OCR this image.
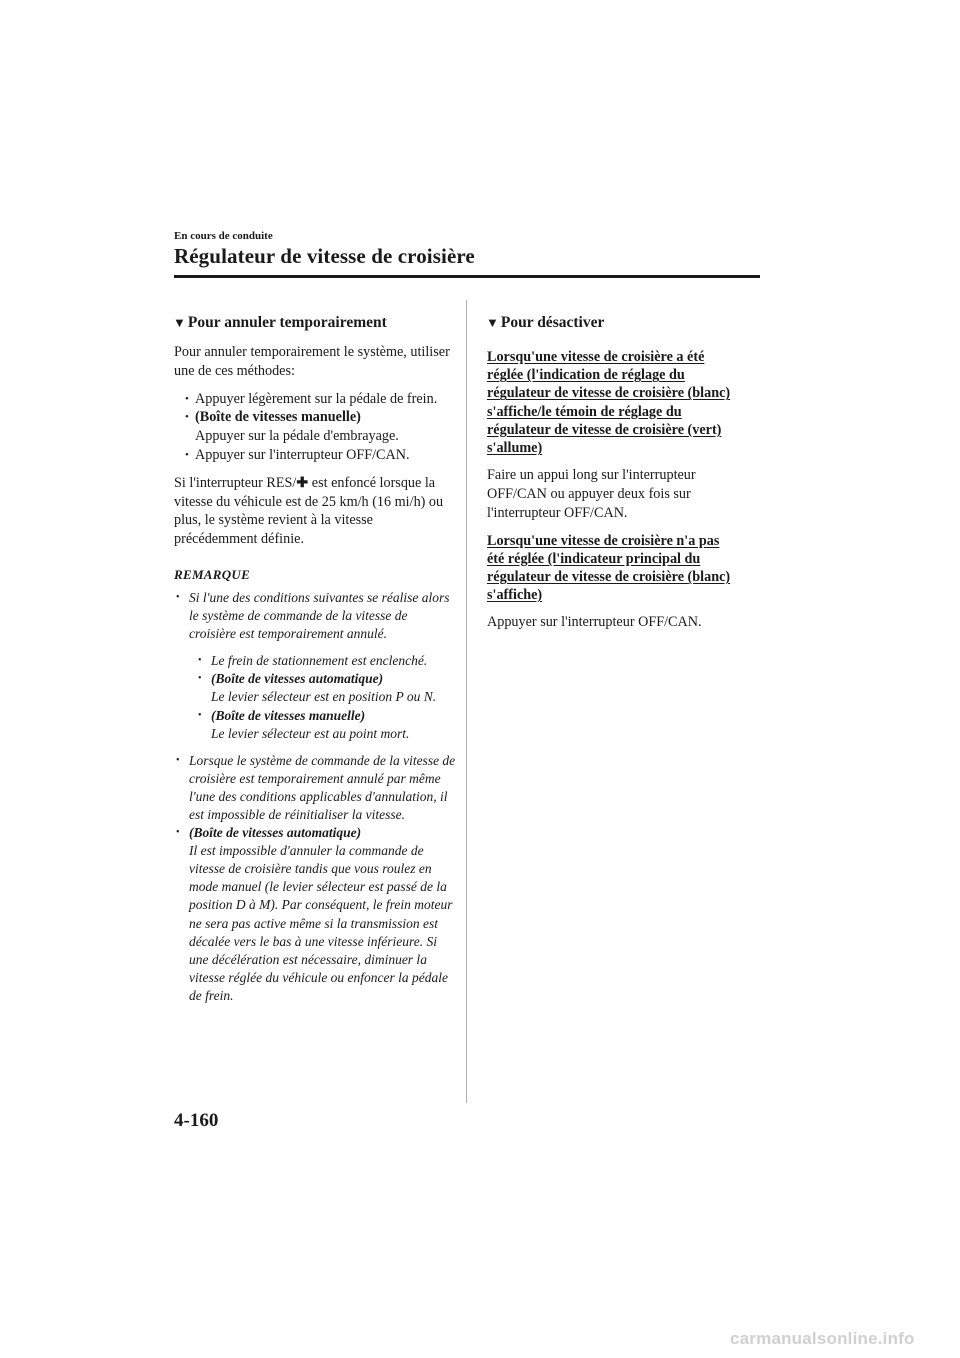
En cours de conduite
Régulateur de vitesse de croisière
▼ Pour annuler temporairement

Pour annuler temporairement le système, utiliser une de ces méthodes:

• Appuyer légèrement sur la pédale de frein.
• (Boîte de vitesses manuelle)
Appuyer sur la pédale d'embrayage.
• Appuyer sur l'interrupteur OFF/CAN.

Si l'interrupteur RES/✚ est enfoncé lorsque la vitesse du véhicule est de 25 km/h (16 mi/h) ou plus, le système revient à la vitesse précédemment définie.

REMARQUE
• Si l'une des conditions suivantes se réalise alors le système de commande de la vitesse de croisière est temporairement annulé.
• Le frein de stationnement est enclenché.
• (Boîte de vitesses automatique)
Le levier sélecteur est en position P ou N.
• (Boîte de vitesses manuelle)
Le levier sélecteur est au point mort.
• Lorsque le système de commande de la vitesse de croisière est temporairement annulé par même l'une des conditions applicables d'annulation, il est impossible de réinitialiser la vitesse.
• (Boîte de vitesses automatique)
Il est impossible d'annuler la commande de vitesse de croisière tandis que vous roulez en mode manuel (le levier sélecteur est passé de la position D à M). Par conséquent, le frein moteur ne sera pas active même si la transmission est décalée vers le bas à une vitesse inférieure. Si une décélération est nécessaire, diminuer la vitesse réglée du véhicule ou enfoncer la pédale de frein.
▼ Pour désactiver
Lorsqu'une vitesse de croisière a été réglée (l'indication de réglage du régulateur de vitesse de croisière (blanc) s'affiche/le témoin de réglage du régulateur de vitesse de croisière (vert) s'allume)

Faire un appui long sur l'interrupteur OFF/CAN ou appuyer deux fois sur l'interrupteur OFF/CAN.

Lorsqu'une vitesse de croisière n'a pas été réglée (l'indicateur principal du régulateur de vitesse de croisière (blanc) s'affiche)

Appuyer sur l'interrupteur OFF/CAN.

4-160
carmanualsonline.info
